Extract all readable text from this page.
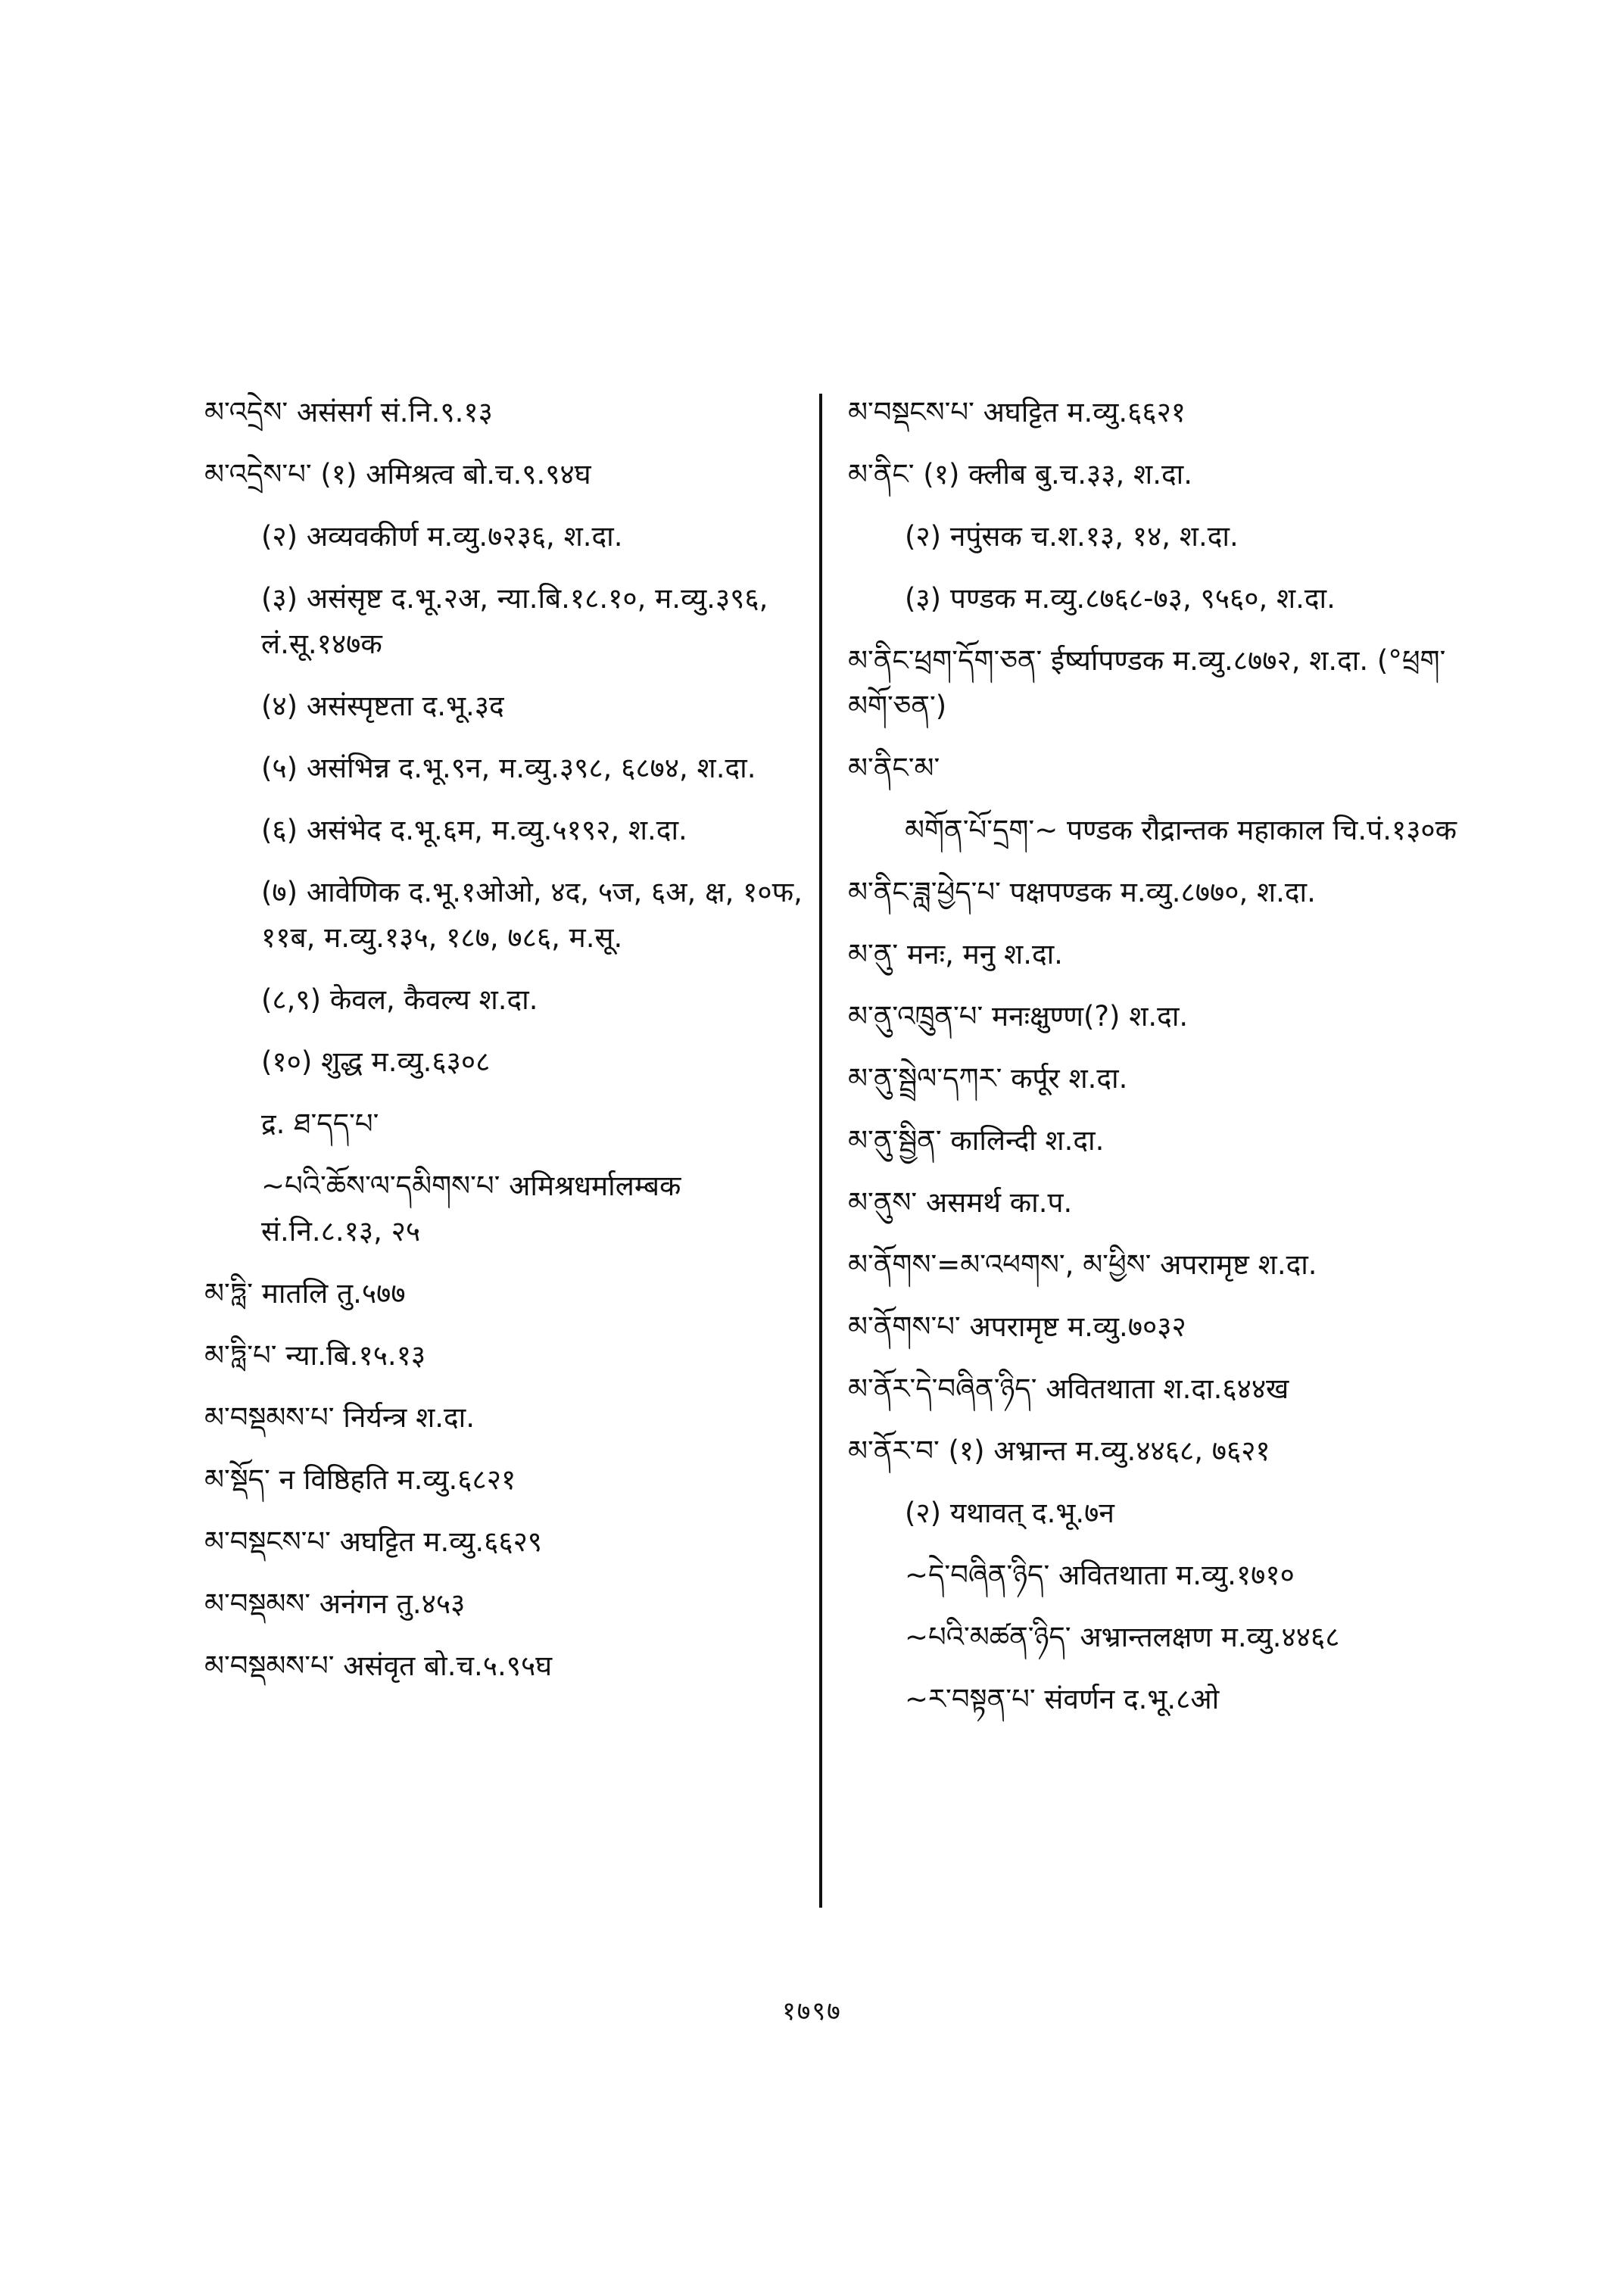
མ་འདྲེས་ असंसर्ग सं.नि.९.१३
མ་འདྲེས་པ་ (१) अमिश्रत्व बो.च.९.९४घ
(२) अव्यवकीर्ण म.व्यु.७२३६, श.दा.
(३) असंसृष्ट द.भू.२अ, न्या.बि.१८.१०, म.व्यु.३९६, लं.सू.१४७क
(४) असंस्पृष्टता द.भू.३द
(५) असंभिन्न द.भू.९न, म.व्यु.३९८, ६८७४, श.दा.
(६) असंभेद द.भू.६म, म.व्यु.५१९२, श.दा.
(७) आवेणिक द.भू.१ओओ, ४द, ५ज, ६अ, क्ष, १०फ, ११ब, म.व्यु.१३५, १८७, ७८६, म.सू.
(८,९) केवल, कैवल्य श.दा.
(१०) शुद्ध म.व्यु.६३०८
द्र. ཐ་དད་པ་
~པའི་ཆོས་ལ་དམིགས་པ་ अमिश्रधर्मालम्बक सं.नि.८.१३, २५
མ་ཏླི་ मातलि तु.५७७
མ་ཏླི་པ་ न्या.बि.१५.१३
མ་བསྡམས་པ་ निर्यन्त्र श.दा.
མ་སྡོད་ न विष्ठिहति म.व्यु.६८२१
མ་བསྡངས་པ་ अघट्टित म.व्यु.६६२९
མ་བསྡམས་ अनंगन तु.४५३
མ་བསྡམས་པ་ असंवृत बो.च.५.९५घ
མ་བསྡངས་པ་ अघट्टित म.व्यु.६६२१
མ་ནིང་ (१) क्लीब बु.च.३३, श.दा.
(२) नपुंसक च.श.१३, १४, श.दा.
(३) पण्डक म.व्यु.८७६८-७३, ९५६०, श.दा.
མ་ནིང་ཕྲག་དོག་ཅན་ ईर्ष्यापण्डक म.व्यु.८७७२, श.दा. (°ཕྲག་མགོ་ཅན་)
མ་ནིང་མ་
མགོན་པོ་དྲག་~ पण्डक रौद्रान्तक महाकाल चि.पं.१३०क
མ་ནིང་ཟླ་ཕྱེད་པ་ पक्षपण्डक म.व्यु.८७७०, श.दा.
མ་ནུ་ मनः, मनु श.दा.
མ་ནུ་འཁྲུན་པ་ मनःक्षुण्ण(?) श.दा.
མ་ནུ་སྦྲེལ་དཀར་ कर्पूर श.दा.
མ་ནུ་སྦྱིན་ कालिन्दी श.दा.
མ་ནུས་ असमर्थ का.प.
མ་ནོགས་=མ་འཕགས་, མ་ཕྱིས་ अपरामृष्ट श.दा.
མ་ནོགས་པ་ अपरामृष्ट म.व्यु.७०३२
མ་ནོར་དེ་བཞིན་ཉིད་ अवितथाता श.दा.६४४ख
མ་ནོར་བ་ (१) अभ्रान्त म.व्यु.४४६८, ७६२१
(२) यथावत् द.भू.७न
~དེ་བཞིན་ཉིད་ अवितथाता म.व्यु.१७१०
~པའི་མཚན་ཉིད་ अभ्रान्तलक्षण म.व्यु.४४६८
~ར་བསྟན་པ་ संवर्णन द.भू.८ओ
१७९७
